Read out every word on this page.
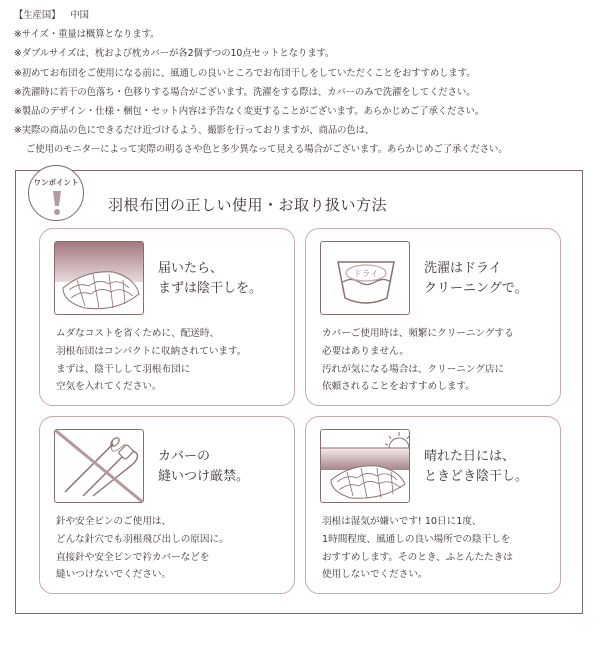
【生産国】 中国
※サイズ・重量は概算となります。
※ダブルサイズは、枕および枕カバーが各2個ずつの10点セットとなります。
※初めてお布団をご使用になる前に、風通しの良いところでお布団干しをしていただくことをおすすめします。
※洗濯時に若干の色落ち・色移りする場合がございます。洗濯をする際は、カバーのみで洗濯をしてください。
※製品のデザイン・仕様・梱包・セット内容は予告なく変更することがございます。あらかじめご了承ください。
※実際の商品の色にできるだけ近づけるよう、撮影を行っておりますが、商品の色は、
ご使用のモニターによって実際の明るさや色と多少異なって見える場合がございます。あらかじめご了承ください。
ワンポイント
羽根布団の正しい使用・お取り扱い方法
届いたら、
まずは陰干しを。
ムダなコストを省くために、配送時、
羽根布団はコンパクトに収納されています。
まずは、陰干しして羽根布団に
空気を入れてください。
ドライ	洗濯はドライ
クリーニングで。
カバーご使用時は、頻繁にクリーニングする
必要はありません。
汚れが気になる場合は、クリーニング店に
依頼されることをおすすめします。
カバーの
縫いつけ厳禁。
針や安全ピンのご使用は、
どんな針穴でも羽根飛び出しの原因に。
直接針や安全ピンで衿カバーなどを
縫いつけないでください。
晴れた日には、
ときどき陰干し。
羽根は湿気が嫌いです! 10日に1度、
1時間程度、風通しの良い場所での陰干しを
おすすめします。そのとき、ふとんたたきは
使用しないでください。
